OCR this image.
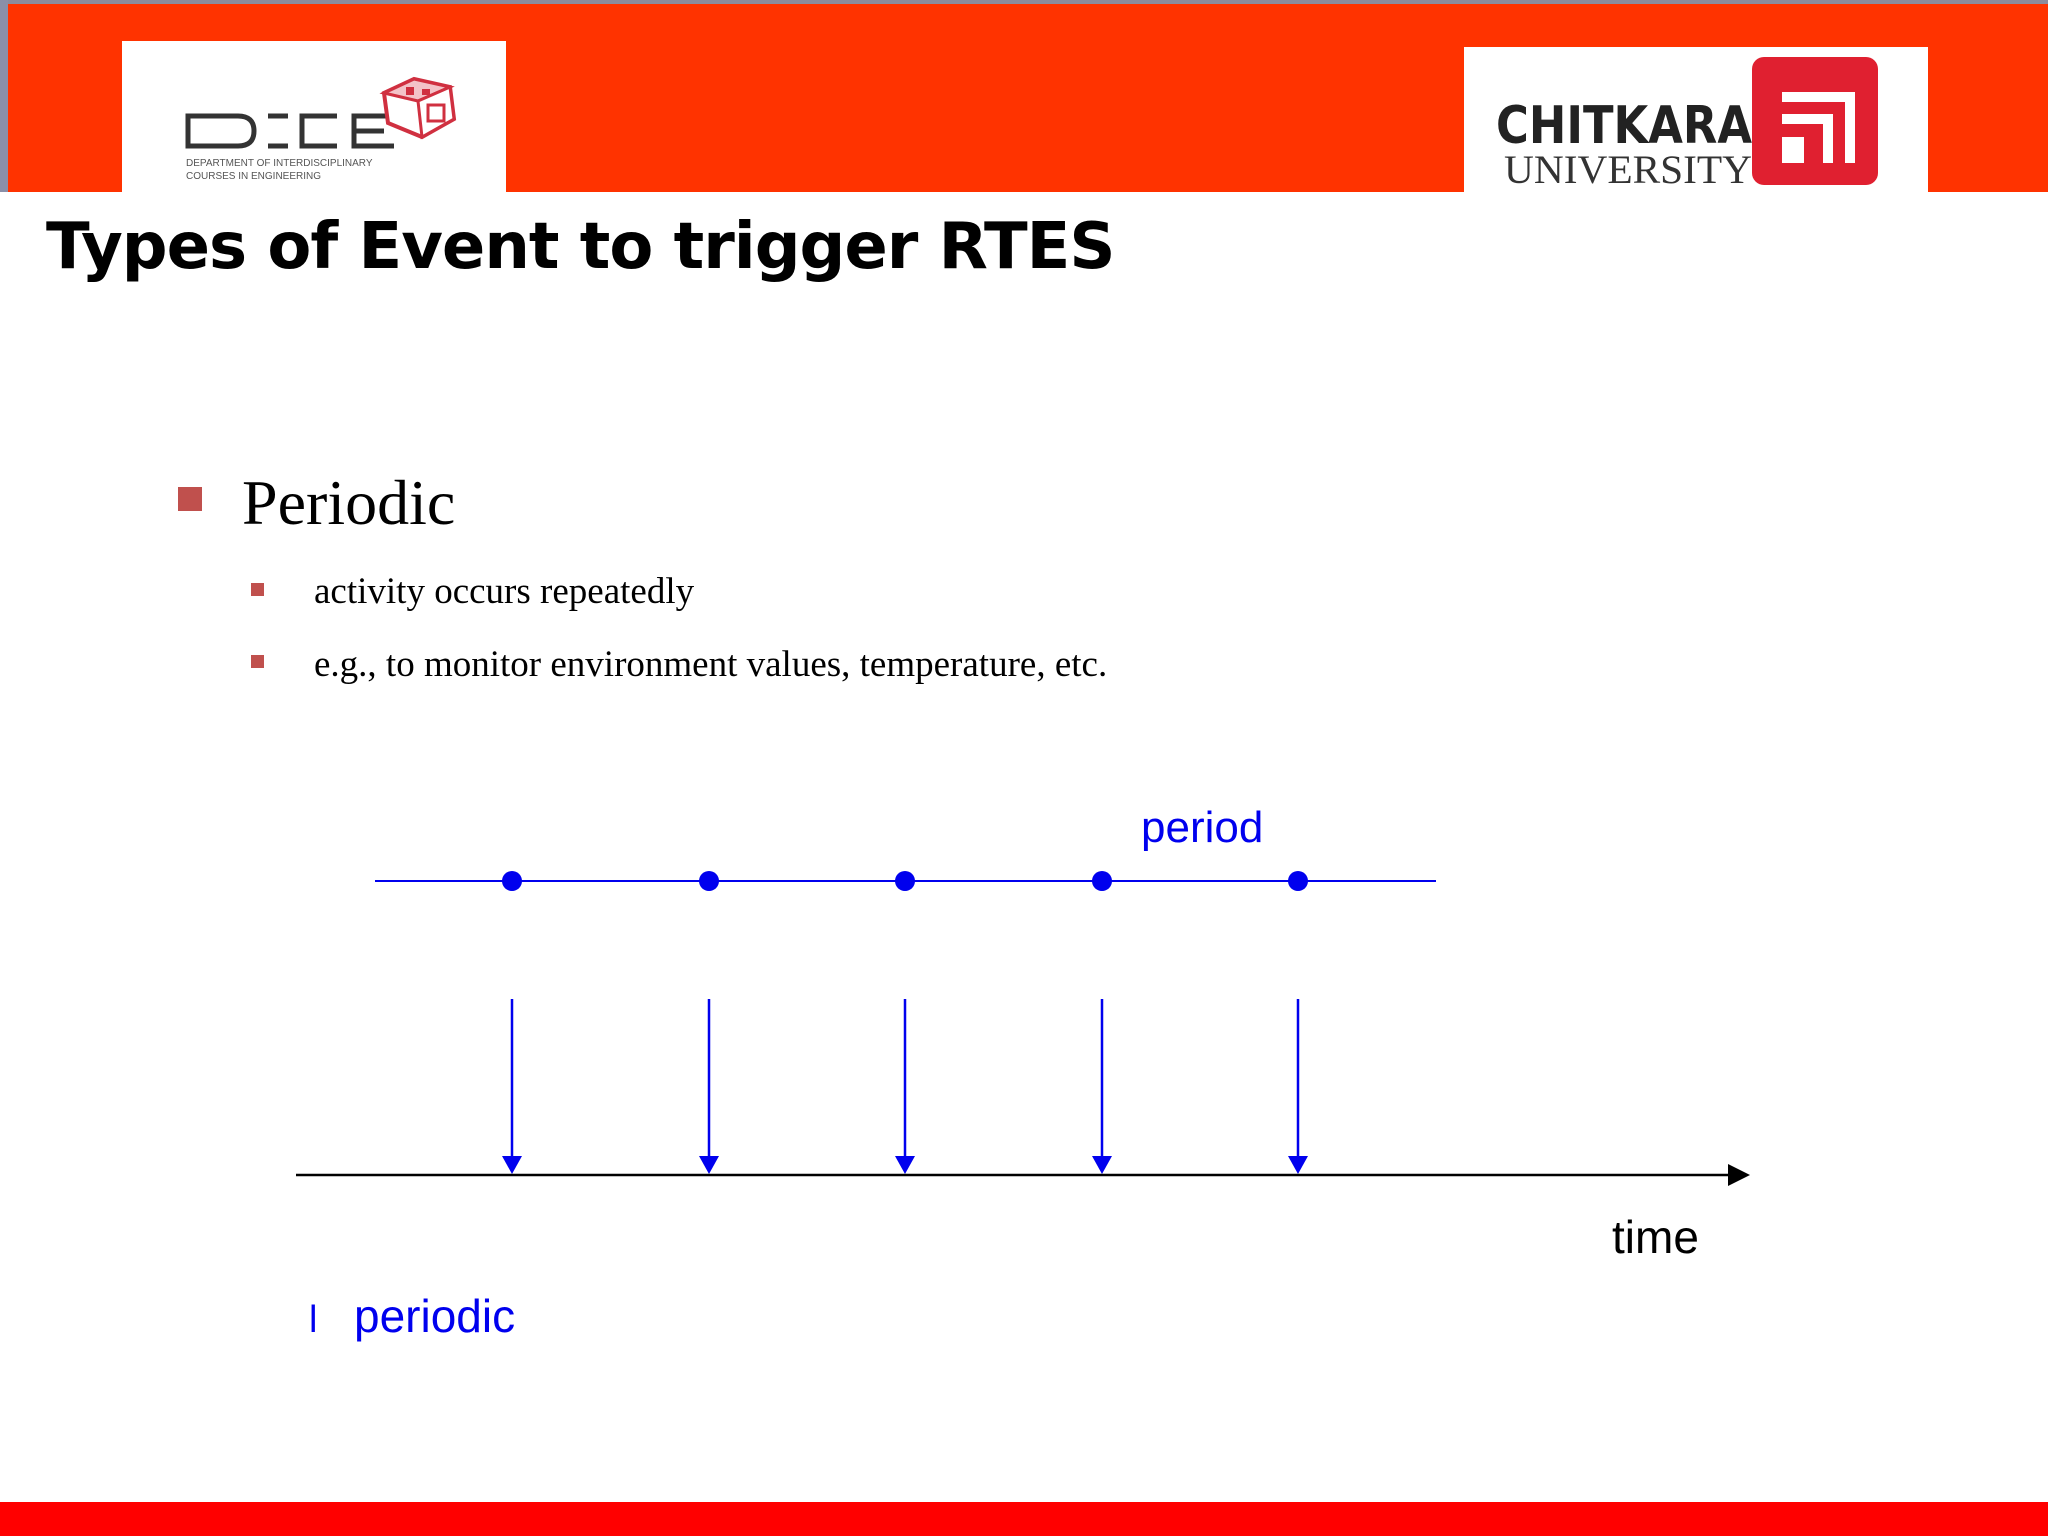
DEPARTMENT OF INTERDISCIPLINARY
COURSES IN ENGINEERING
CHITKARA
UNIVERSITY
Types of Event to trigger RTES
Periodic
activity occurs repeatedly
e.g., to monitor environment values, temperature, etc.
period
time
l periodic
